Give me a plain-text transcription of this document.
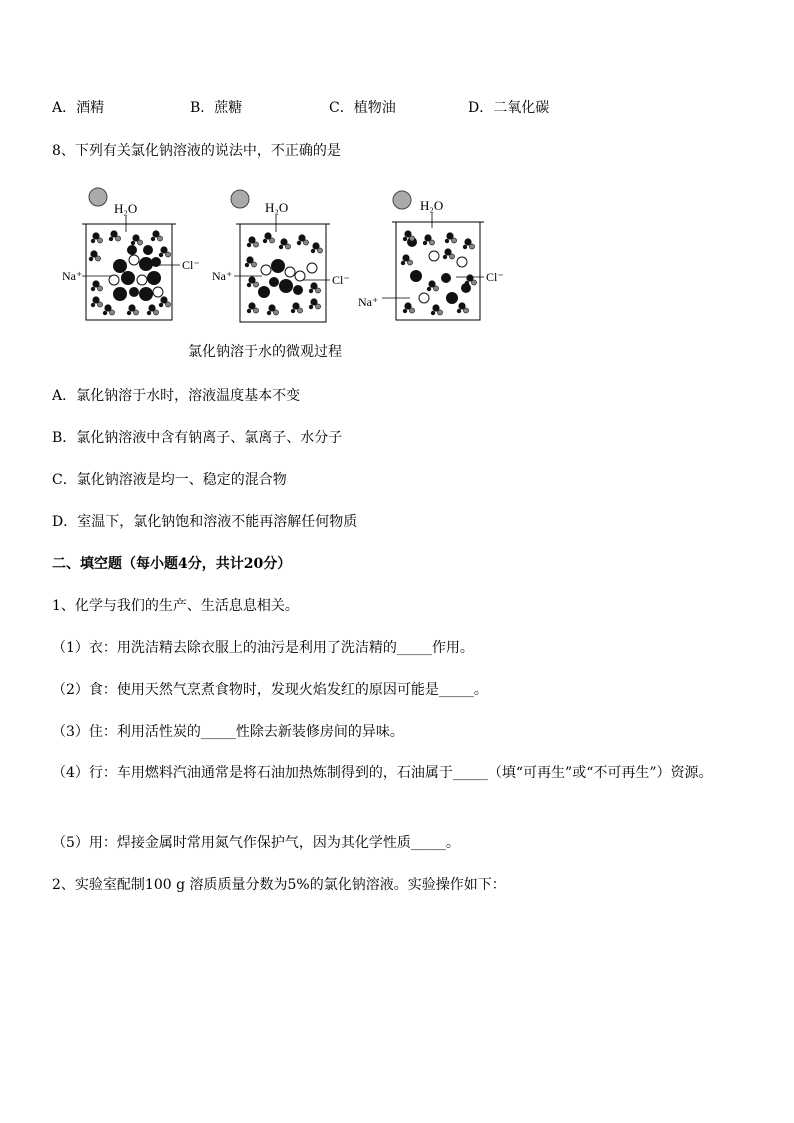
A．酒精	B．蔗糖	C．植物油	D．二氧化碳
8、下列有关氯化钠溶液的说法中，不正确的是
H₂O
Na⁺
Cl⁻
H₂O
Na⁺	Cl⁻
H₂O
Na⁺
Cl⁻
氯化钠溶于水的微观过程
A．氯化钠溶于水时，溶液温度基本不变
B．氯化钠溶液中含有钠离子、氯离子、水分子
C．氯化钠溶液是均一、稳定的混合物
D．室温下，氯化钠饱和溶液不能再溶解任何物质
二、填空题（每小题4分，共计20分）
1、化学与我们的生产、生活息息相关。
（1）衣：用洗洁精去除衣服上的油污是利用了洗洁精的_____作用。
（2）食：使用天然气烹煮食物时，发现火焰发红的原因可能是_____。
（3）住：利用活性炭的_____性除去新装修房间的异味。
（4）行：车用燃料汽油通常是将石油加热炼制得到的，石油属于_____（填“可再生”或“不可再生”）资源。
（5）用：焊接金属时常用氮气作保护气，因为其化学性质_____。
2、实验室配制100 g 溶质质量分数为5%的氯化钠溶液。实验操作如下：
